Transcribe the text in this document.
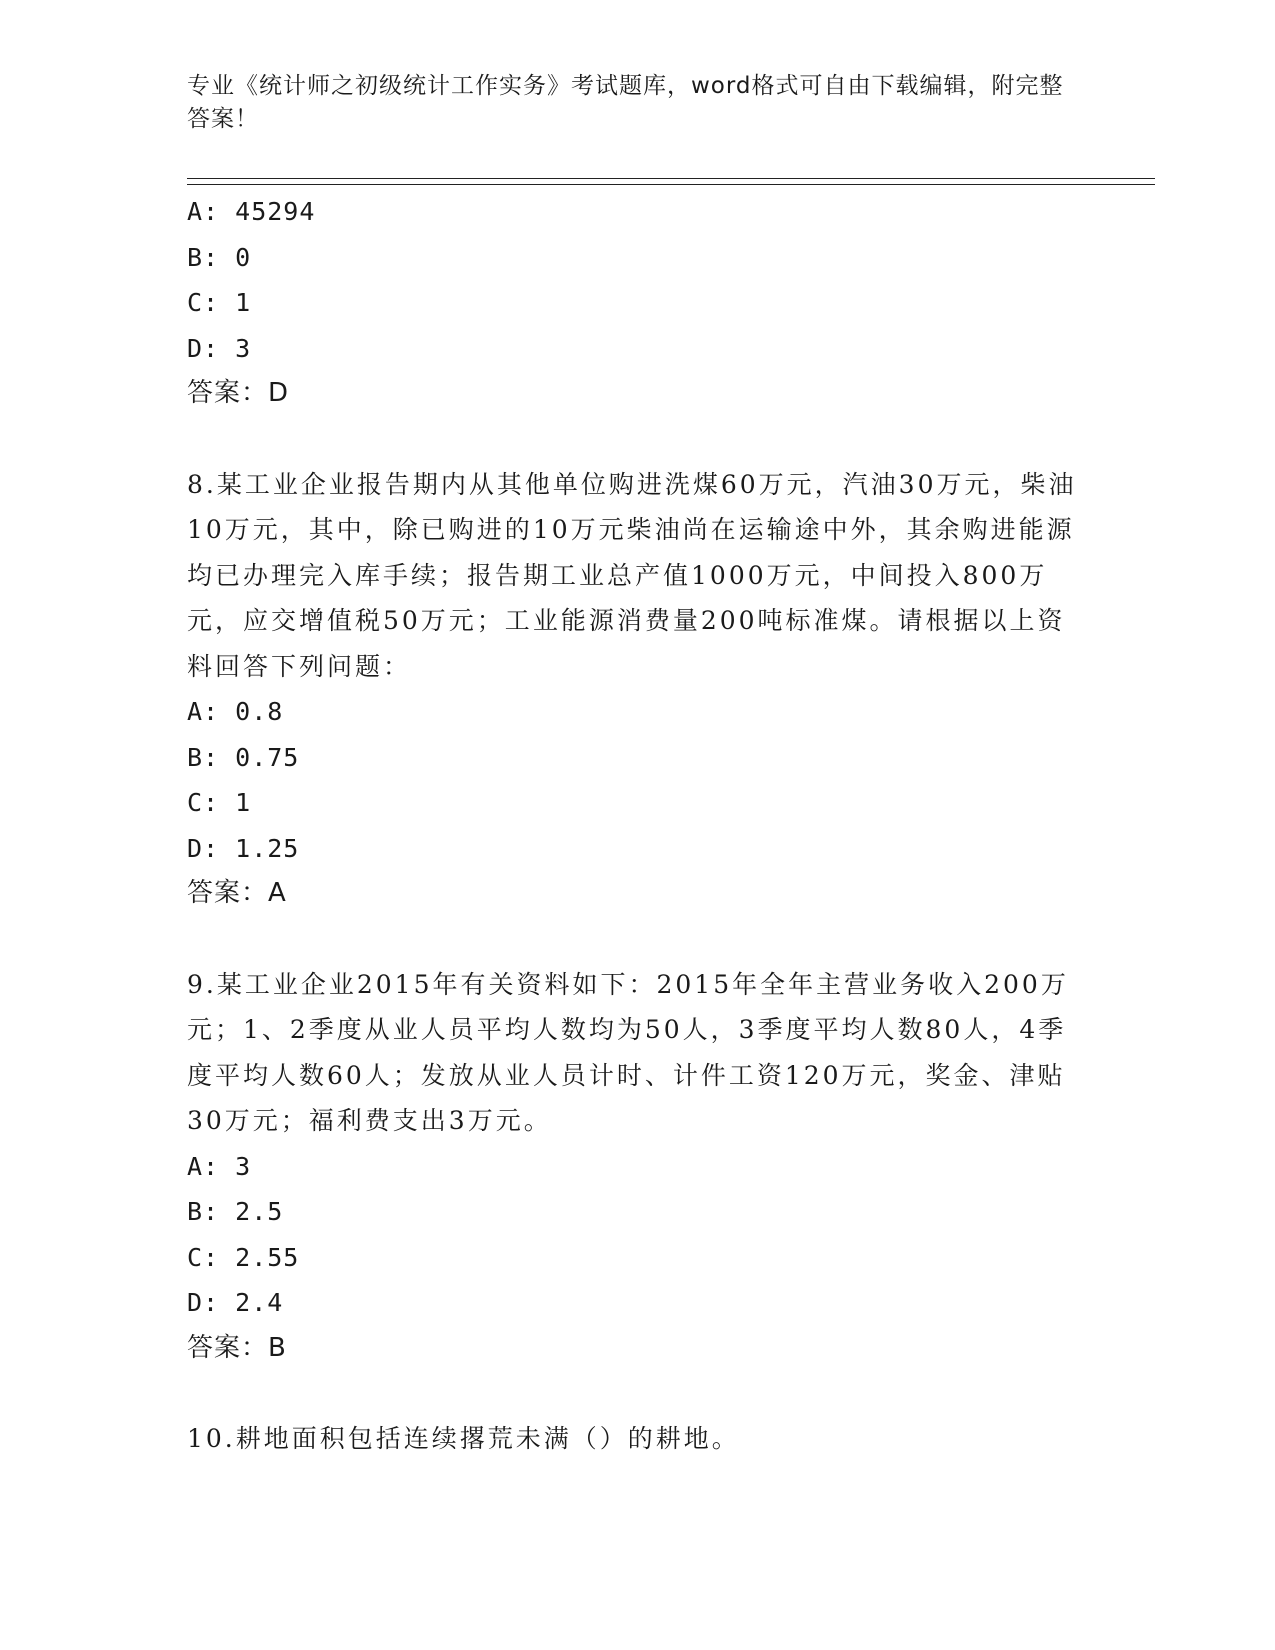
专业《统计师之初级统计工作实务》考试题库，word格式可自由下载编辑，附完整答案！
A: 45294
B: 0
C: 1
D: 3
答案：D
8.某工业企业报告期内从其他单位购进洗煤60万元，汽油30万元，柴油10万元，其中，除已购进的10万元柴油尚在运输途中外，其余购进能源均已办理完入库手续；报告期工业总产值1000万元，中间投入800万元，应交增值税50万元；工业能源消费量200吨标准煤。请根据以上资料回答下列问题：
A: 0.8
B: 0.75
C: 1
D: 1.25
答案：A
9.某工业企业2015年有关资料如下：2015年全年主营业务收入200万元；1、2季度从业人员平均人数均为50人，3季度平均人数80人，4季度平均人数60人；发放从业人员计时、计件工资120万元，奖金、津贴30万元；福利费支出3万元。
A: 3
B: 2.5
C: 2.55
D: 2.4
答案：B
10.耕地面积包括连续撂荒未满（）的耕地。
